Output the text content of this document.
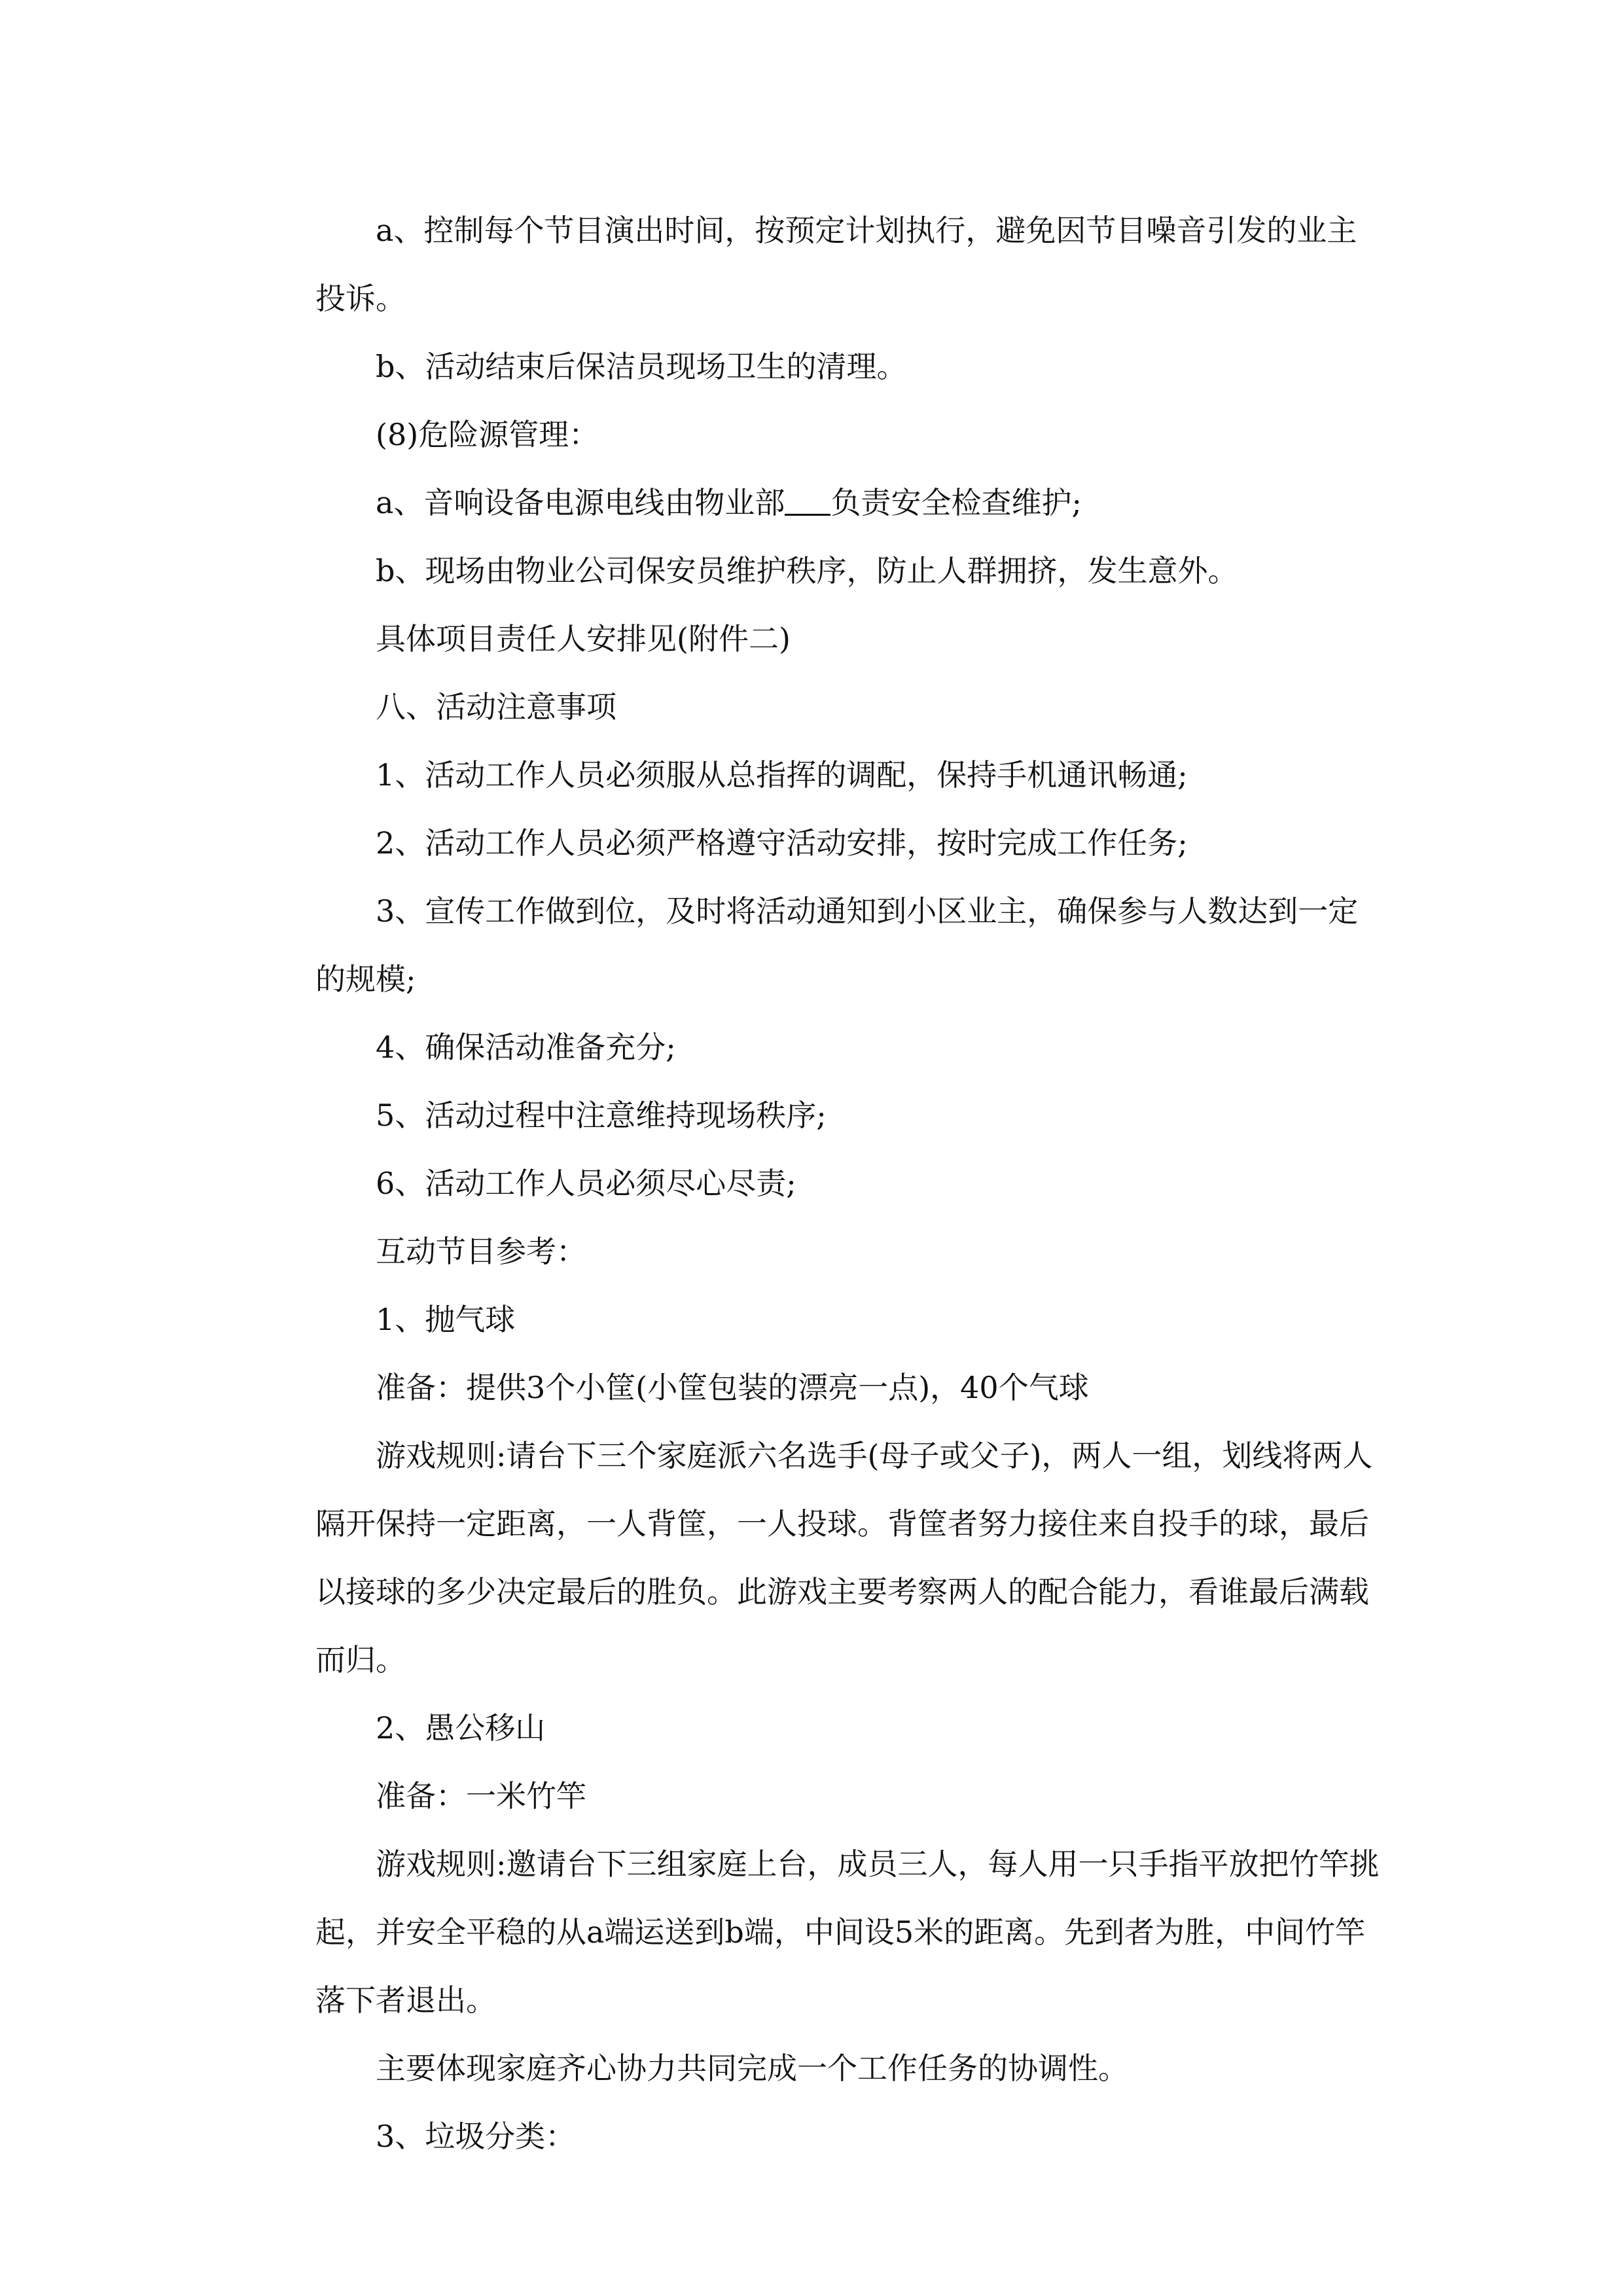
a、控制每个节目演出时间，按预定计划执行，避免因节目噪音引发的业主投诉。

b、活动结束后保洁员现场卫生的清理。

(8)危险源管理：

a、音响设备电源电线由物业部 负责安全检查维护;

b、现场由物业公司保安员维护秩序，防止人群拥挤，发生意外。

具体项目责任人安排见(附件二)

八、活动注意事项

1、活动工作人员必须服从总指挥的调配，保持手机通讯畅通;

2、活动工作人员必须严格遵守活动安排，按时完成工作任务;

3、宣传工作做到位，及时将活动通知到小区业主，确保参与人数达到一定的规模;

4、确保活动准备充分;

5、活动过程中注意维持现场秩序;

6、活动工作人员必须尽心尽责;

互动节目参考：

1、抛气球

准备：提供3个小筐(小筐包装的漂亮一点)，40个气球

游戏规则:请台下三个家庭派六名选手(母子或父子)，两人一组，划线将两人隔开保持一定距离，一人背筐，一人投球。背筐者努力接住来自投手的球，最后以接球的多少决定最后的胜负。此游戏主要考察两人的配合能力，看谁最后满载而归。

2、愚公移山

准备：一米竹竿

游戏规则:邀请台下三组家庭上台，成员三人，每人用一只手指平放把竹竿挑起，并安全平稳的从a端运送到b端，中间设5米的距离。先到者为胜，中间竹竿落下者退出。

主要体现家庭齐心协力共同完成一个工作任务的协调性。

3、垃圾分类：
